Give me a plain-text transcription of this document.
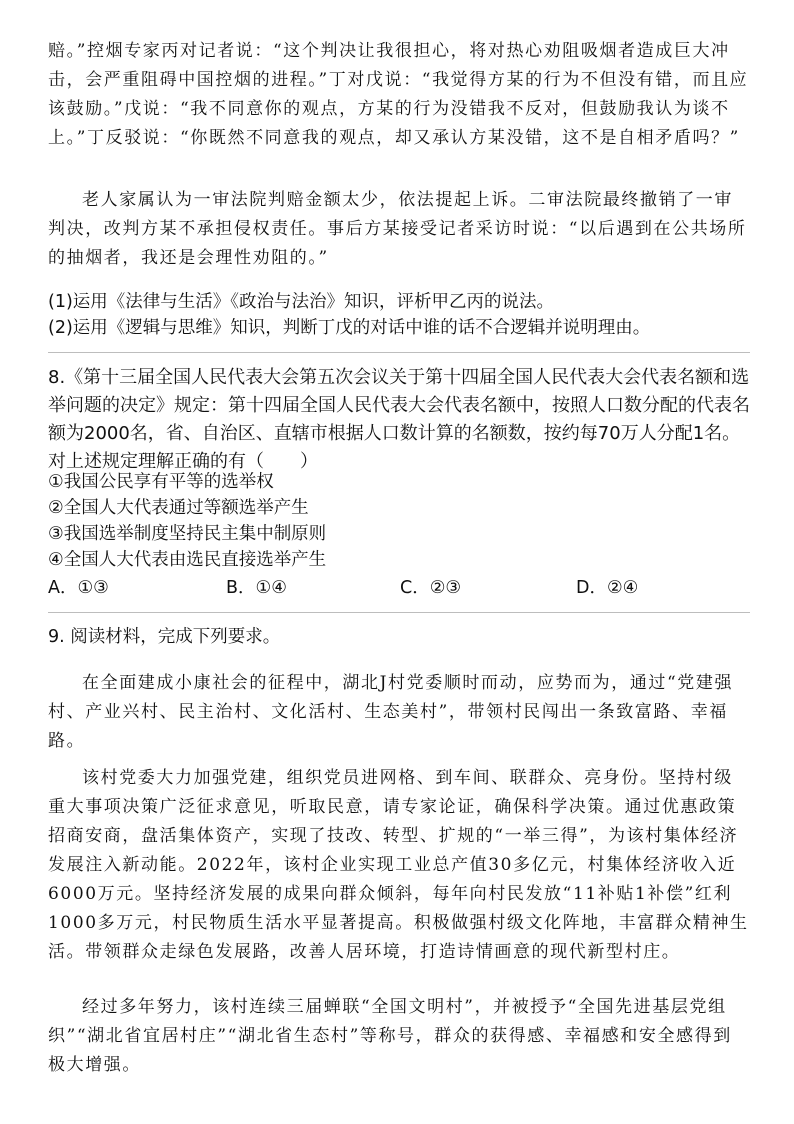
赔。”控烟专家丙对记者说：“这个判决让我很担心，将对热心劝阻吸烟者造成巨大冲击，会严重阻碍中国控烟的进程。”丁对戊说：“我觉得方某的行为不但没有错，而且应该鼓励。”戊说：“我不同意你的观点，方某的行为没错我不反对，但鼓励我认为谈不上。”丁反驳说：“你既然不同意我的观点，却又承认方某没错，这不是自相矛盾吗？”

老人家属认为一审法院判赔金额太少，依法提起上诉。二审法院最终撤销了一审判决，改判方某不承担侵权责任。事后方某接受记者采访时说：“以后遇到在公共场所的抽烟者，我还是会理性劝阻的。”

(1)运用《法律与生活》《政治与法治》知识，评析甲乙丙的说法。

(2)运用《逻辑与思维》知识，判断丁戊的对话中谁的话不合逻辑并说明理由。

8.《第十三届全国人民代表大会第五次会议关于第十四届全国人民代表大会代表名额和选举问题的决定》规定：第十四届全国人民代表大会代表名额中，按照人口数分配的代表名额为2000名，省、自治区、直辖市根据人口数计算的名额数，按约每70万人分配1名。对上述规定理解正确的有（　　）

①我国公民享有平等的选举权
②全国人大代表通过等额选举产生
③我国选举制度坚持民主集中制原则
④全国人大代表由选民直接选举产生
A．①③	B．①④	C．②③	D．②④

9. 阅读材料，完成下列要求。

在全面建成小康社会的征程中，湖北J村党委顺时而动，应势而为，通过“党建强村、产业兴村、民主治村、文化活村、生态美村”，带领村民闯出一条致富路、幸福路。

该村党委大力加强党建，组织党员进网格、到车间、联群众、亮身份。坚持村级重大事项决策广泛征求意见，听取民意，请专家论证，确保科学决策。通过优惠政策招商安商，盘活集体资产，实现了技改、转型、扩规的“一举三得”，为该村集体经济发展注入新动能。2022年，该村企业实现工业总产值30多亿元，村集体经济收入近6000万元。坚持经济发展的成果向群众倾斜，每年向村民发放“11补贴1补偿”红利1000多万元，村民物质生活水平显著提高。积极做强村级文化阵地，丰富群众精神生活。带领群众走绿色发展路，改善人居环境，打造诗情画意的现代新型村庄。

经过多年努力，该村连续三届蝉联“全国文明村”，并被授予“全国先进基层党组织”“湖北省宜居村庄”“湖北省生态村”等称号，群众的获得感、幸福感和安全感得到极大增强。
